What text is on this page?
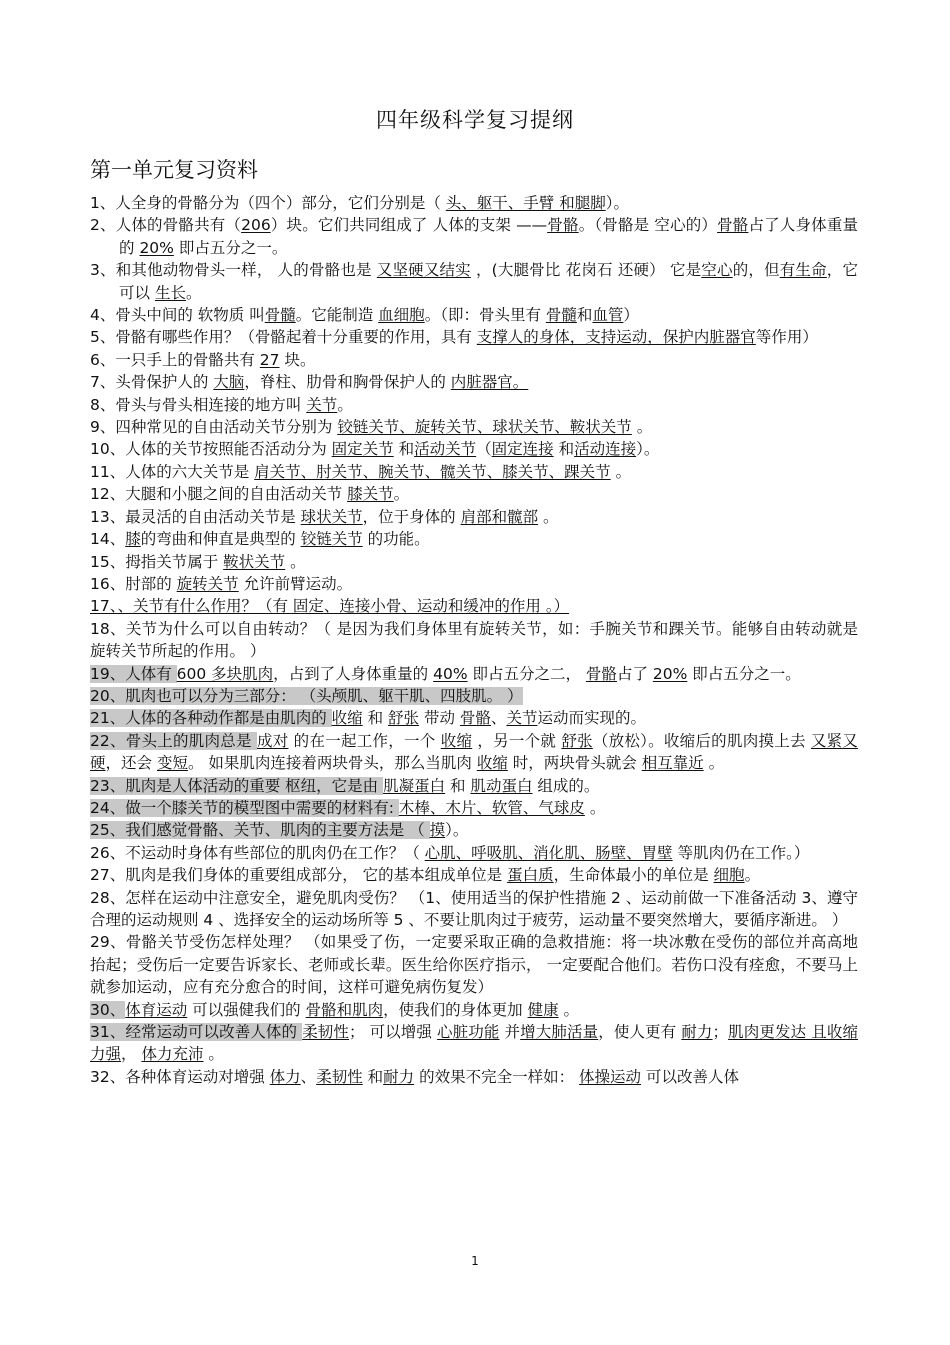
四年级科学复习提纲
第一单元复习资料

1、人全身的骨骼分为（四个）部分，它们分别是（ 头、躯干、手臂 和腿脚）。

2、人体的骨骼共有（206）块。它们共同组成了 人体的支架 ——骨骼。（骨骼是 空心的）骨骼占了人身体重量的 20% 即占五分之一。

3、和其他动物骨头一样， 人的骨骼也是 又坚硬又结实 ，(大腿骨比 花岗石 还硬） 它是空心的，但有生命，它可以 生长。

4、骨头中间的 软物质 叫骨髓。它能制造 血细胞。（即：骨头里有 骨髓和血管）

5、骨骼有哪些作用？（骨骼起着十分重要的作用，具有 支撑人的身体，支持运动，保护内脏器官等作用）

6、一只手上的骨骼共有 27 块。

7、头骨保护人的 大脑，脊柱、肋骨和胸骨保护人的 内脏器官。

8、骨头与骨头相连接的地方叫 关节。

9、四种常见的自由活动关节分别为 铰链关节、旋转关节、球状关节、鞍状关节 。

10、人体的关节按照能否活动分为 固定关节 和活动关节（固定连接 和活动连接）。

11、人体的六大关节是 肩关节、肘关节、腕关节、髋关节、膝关节、踝关节 。

12、大腿和小腿之间的自由活动关节 膝关节。

13、最灵活的自由活动关节是 球状关节，位于身体的 肩部和髋部 。

14、膝的弯曲和伸直是典型的 铰链关节 的功能。

15、拇指关节属于 鞍状关节 。

16、肘部的 旋转关节 允许前臂运动。

17、、关节有什么作用？（有 固定、连接小骨、运动和缓冲的作用 。）

18、关节为什么可以自由转动？（ 是因为我们身体里有旋转关节，如：手腕关节和踝关节。能够自由转动就是旋转关节所起的作用。 ）

19、人体有 600 多块肌肉，占到了人身体重量的 40% 即占五分之二， 骨骼占了 20% 即占五分之一。

20、肌肉也可以分为三部分： （头颅肌、躯干肌、四肢肌。 ）

21、人体的各种动作都是由肌肉的 收缩 和 舒张 带动 骨骼、关节运动而实现的。

22、骨头上的肌肉总是 成对 的在一起工作，一个 收缩 ，另一个就 舒张（放松）。收缩后的肌肉摸上去 又紧又硬，还会 变短。 如果肌肉连接着两块骨头，那么当肌肉 收缩 时，两块骨头就会 相互靠近 。

23、肌肉是人体活动的重要 枢纽，它是由 肌凝蛋白 和 肌动蛋白 组成的。

24、做一个膝关节的模型图中需要的材料有: 木棒、木片、软管、气球皮 。

25、我们感觉骨骼、关节、肌肉的主要方法是 （ 摸）。

26、不运动时身体有些部位的肌肉仍在工作？（ 心肌、呼吸肌、消化肌、肠壁、胃壁 等肌肉仍在工作。）

27、肌肉是我们身体的重要组成部分， 它的基本组成单位是 蛋白质，生命体最小的单位是 细胞。

28、怎样在运动中注意安全，避免肌肉受伤？ （1、使用适当的保护性措施 2 、运动前做一下准备活动 3、遵守合理的运动规则 4 、选择安全的运动场所等 5 、不要让肌肉过于疲劳，运动量不要突然增大，要循序渐进。 ）

29、骨骼关节受伤怎样处理？ （如果受了伤，一定要采取正确的急救措施：将一块冰敷在受伤的部位并高高地抬起；受伤后一定要告诉家长、老师或长辈。医生给你医疗指示， 一定要配合他们。若伤口没有痊愈，不要马上就参加运动，应有充分愈合的时间，这样可避免病伤复发）

30、体育运动 可以强健我们的 骨骼和肌肉，使我们的身体更加 健康 。

31、经常运动可以改善人体的 柔韧性； 可以增强 心脏功能 并增大肺活量，使人更有 耐力；肌肉更发达 且收缩力强， 体力充沛 。

32、各种体育运动对增强 体力、柔韧性 和耐力 的效果不完全一样如： 体操运动 可以改善人体

1
